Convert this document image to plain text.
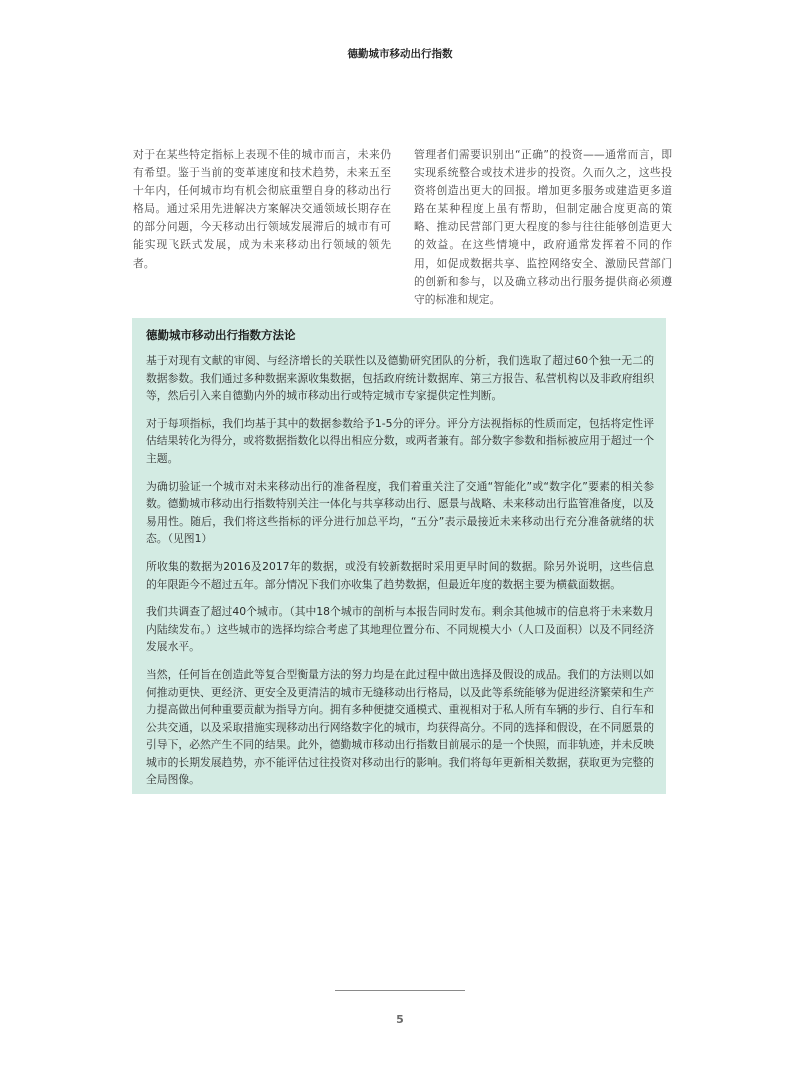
德勤城市移动出行指数

对于在某些特定指标上表现不佳的城市而言，未来仍有希望。鉴于当前的变革速度和技术趋势，未来五至十年内，任何城市均有机会彻底重塑自身的移动出行格局。通过采用先进解决方案解决交通领域长期存在的部分问题，今天移动出行领域发展滞后的城市有可能实现飞跃式发展，成为未来移动出行领域的领先者。

管理者们需要识别出“正确”的投资——通常而言，即实现系统整合或技术进步的投资。久而久之，这些投资将创造出更大的回报。增加更多服务或建造更多道路在某种程度上虽有帮助，但制定融合度更高的策略、推动民营部门更大程度的参与往往能够创造更大的效益。在这些情境中，政府通常发挥着不同的作用，如促成数据共享、监控网络安全、激励民营部门的创新和参与，以及确立移动出行服务提供商必须遵守的标准和规定。

德勤城市移动出行指数方法论

基于对现有文献的审阅、与经济增长的关联性以及德勤研究团队的分析，我们选取了超过60个独一无二的数据参数。我们通过多种数据来源收集数据，包括政府统计数据库、第三方报告、私营机构以及非政府组织等，然后引入来自德勤内外的城市移动出行或特定城市专家提供定性判断。

对于每项指标，我们均基于其中的数据参数给予1-5分的评分。评分方法视指标的性质而定，包括将定性评估结果转化为得分，或将数据指数化以得出相应分数，或两者兼有。部分数字参数和指标被应用于超过一个主题。

为确切验证一个城市对未来移动出行的准备程度，我们着重关注了交通“智能化”或“数字化”要素的相关参数。德勤城市移动出行指数特别关注一体化与共享移动出行、愿景与战略、未来移动出行监管准备度，以及易用性。随后，我们将这些指标的评分进行加总平均，“五分”表示最接近未来移动出行充分准备就绪的状态。（见图1）

所收集的数据为2016及2017年的数据，或没有较新数据时采用更早时间的数据。除另外说明，这些信息的年限距今不超过五年。部分情况下我们亦收集了趋势数据，但最近年度的数据主要为横截面数据。

我们共调查了超过40个城市。（其中18个城市的剖析与本报告同时发布。剩余其他城市的信息将于未来数月内陆续发布。）这些城市的选择均综合考虑了其地理位置分布、不同规模大小（人口及面积）以及不同经济发展水平。

当然，任何旨在创造此等复合型衡量方法的努力均是在此过程中做出选择及假设的成品。我们的方法则以如何推动更快、更经济、更安全及更清洁的城市无缝移动出行格局，以及此等系统能够为促进经济繁荣和生产力提高做出何种重要贡献为指导方向。拥有多种便捷交通模式、重视相对于私人所有车辆的步行、自行车和公共交通，以及采取措施实现移动出行网络数字化的城市，均获得高分。不同的选择和假设，在不同愿景的引导下，必然产生不同的结果。此外，德勤城市移动出行指数目前展示的是一个快照，而非轨迹，并未反映城市的长期发展趋势，亦不能评估过往投资对移动出行的影响。我们将每年更新相关数据，获取更为完整的全局图像。

5
